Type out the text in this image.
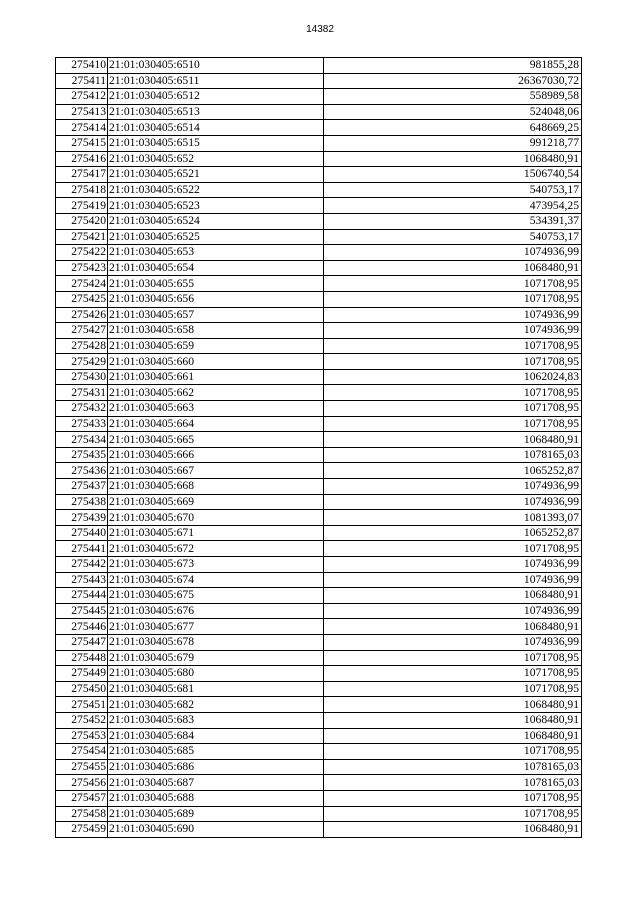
14382
275410	21:01:030405:6510	981855,28
275411	21:01:030405:6511	26367030,72
275412	21:01:030405:6512	558989,58
275413	21:01:030405:6513	524048,06
275414	21:01:030405:6514	648669,25
275415	21:01:030405:6515	991218,77
275416	21:01:030405:652	1068480,91
275417	21:01:030405:6521	1506740,54
275418	21:01:030405:6522	540753,17
275419	21:01:030405:6523	473954,25
275420	21:01:030405:6524	534391,37
275421	21:01:030405:6525	540753,17
275422	21:01:030405:653	1074936,99
275423	21:01:030405:654	1068480,91
275424	21:01:030405:655	1071708,95
275425	21:01:030405:656	1071708,95
275426	21:01:030405:657	1074936,99
275427	21:01:030405:658	1074936,99
275428	21:01:030405:659	1071708,95
275429	21:01:030405:660	1071708,95
275430	21:01:030405:661	1062024,83
275431	21:01:030405:662	1071708,95
275432	21:01:030405:663	1071708,95
275433	21:01:030405:664	1071708,95
275434	21:01:030405:665	1068480,91
275435	21:01:030405:666	1078165,03
275436	21:01:030405:667	1065252,87
275437	21:01:030405:668	1074936,99
275438	21:01:030405:669	1074936,99
275439	21:01:030405:670	1081393,07
275440	21:01:030405:671	1065252,87
275441	21:01:030405:672	1071708,95
275442	21:01:030405:673	1074936,99
275443	21:01:030405:674	1074936,99
275444	21:01:030405:675	1068480,91
275445	21:01:030405:676	1074936,99
275446	21:01:030405:677	1068480,91
275447	21:01:030405:678	1074936,99
275448	21:01:030405:679	1071708,95
275449	21:01:030405:680	1071708,95
275450	21:01:030405:681	1071708,95
275451	21:01:030405:682	1068480,91
275452	21:01:030405:683	1068480,91
275453	21:01:030405:684	1068480,91
275454	21:01:030405:685	1071708,95
275455	21:01:030405:686	1078165,03
275456	21:01:030405:687	1078165,03
275457	21:01:030405:688	1071708,95
275458	21:01:030405:689	1071708,95
275459	21:01:030405:690	1068480,91
